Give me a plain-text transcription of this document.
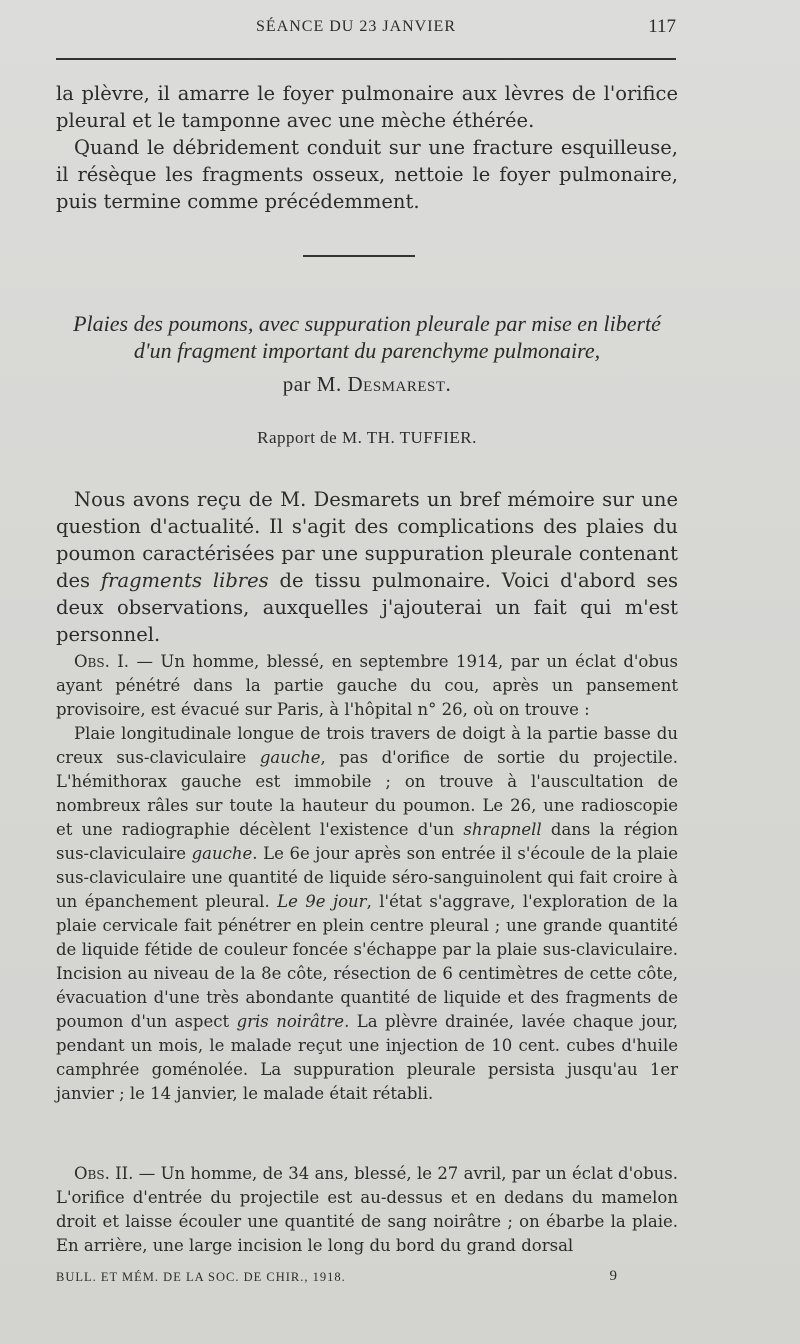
SÉANCE DU 23 JANVIER	117

la plèvre, il amarre le foyer pulmonaire aux lèvres de l'orifice pleural et le tamponne avec une mèche éthérée.

Quand le débridement conduit sur une fracture esquilleuse, il résèque les fragments osseux, nettoie le foyer pulmonaire, puis termine comme précédemment.

Plaies des poumons, avec suppuration pleurale par mise en liberté d'un fragment important du parenchyme pulmonaire,
par M. Desmarest.
Rapport de M. TH. TUFFIER.

Nous avons reçu de M. Desmarets un bref mémoire sur une question d'actualité. Il s'agit des complications des plaies du poumon caractérisées par une suppuration pleurale contenant des fragments libres de tissu pulmonaire. Voici d'abord ses deux observations, auxquelles j'ajouterai un fait qui m'est personnel.

Obs. I. — Un homme, blessé, en septembre 1914, par un éclat d'obus ayant pénétré dans la partie gauche du cou, après un pansement provisoire, est évacué sur Paris, à l'hôpital n° 26, où on trouve :

Plaie longitudinale longue de trois travers de doigt à la partie basse du creux sus-claviculaire gauche, pas d'orifice de sortie du projectile. L'hémithorax gauche est immobile ; on trouve à l'auscultation de nombreux râles sur toute la hauteur du poumon. Le 26, une radioscopie et une radiographie décèlent l'existence d'un shrapnell dans la région sus-claviculaire gauche. Le 6e jour après son entrée il s'écoule de la plaie sus-claviculaire une quantité de liquide séro-sanguinolent qui fait croire à un épanchement pleural. Le 9e jour, l'état s'aggrave, l'exploration de la plaie cervicale fait pénétrer en plein centre pleural ; une grande quantité de liquide fétide de couleur foncée s'échappe par la plaie sus-claviculaire. Incision au niveau de la 8e côte, résection de 6 centimètres de cette côte, évacuation d'une très abondante quantité de liquide et des fragments de poumon d'un aspect gris noirâtre. La plèvre drainée, lavée chaque jour, pendant un mois, le malade reçut une injection de 10 cent. cubes d'huile camphrée goménolée. La suppuration pleurale persista jusqu'au 1er janvier ; le 14 janvier, le malade était rétabli.

Obs. II. — Un homme, de 34 ans, blessé, le 27 avril, par un éclat d'obus. L'orifice d'entrée du projectile est au-dessus et en dedans du mamelon droit et laisse écouler une quantité de sang noirâtre ; on ébarbe la plaie. En arrière, une large incision le long du bord du grand dorsal

BULL. ET MÉM. DE LA SOC. DE CHIR., 1918.	9
